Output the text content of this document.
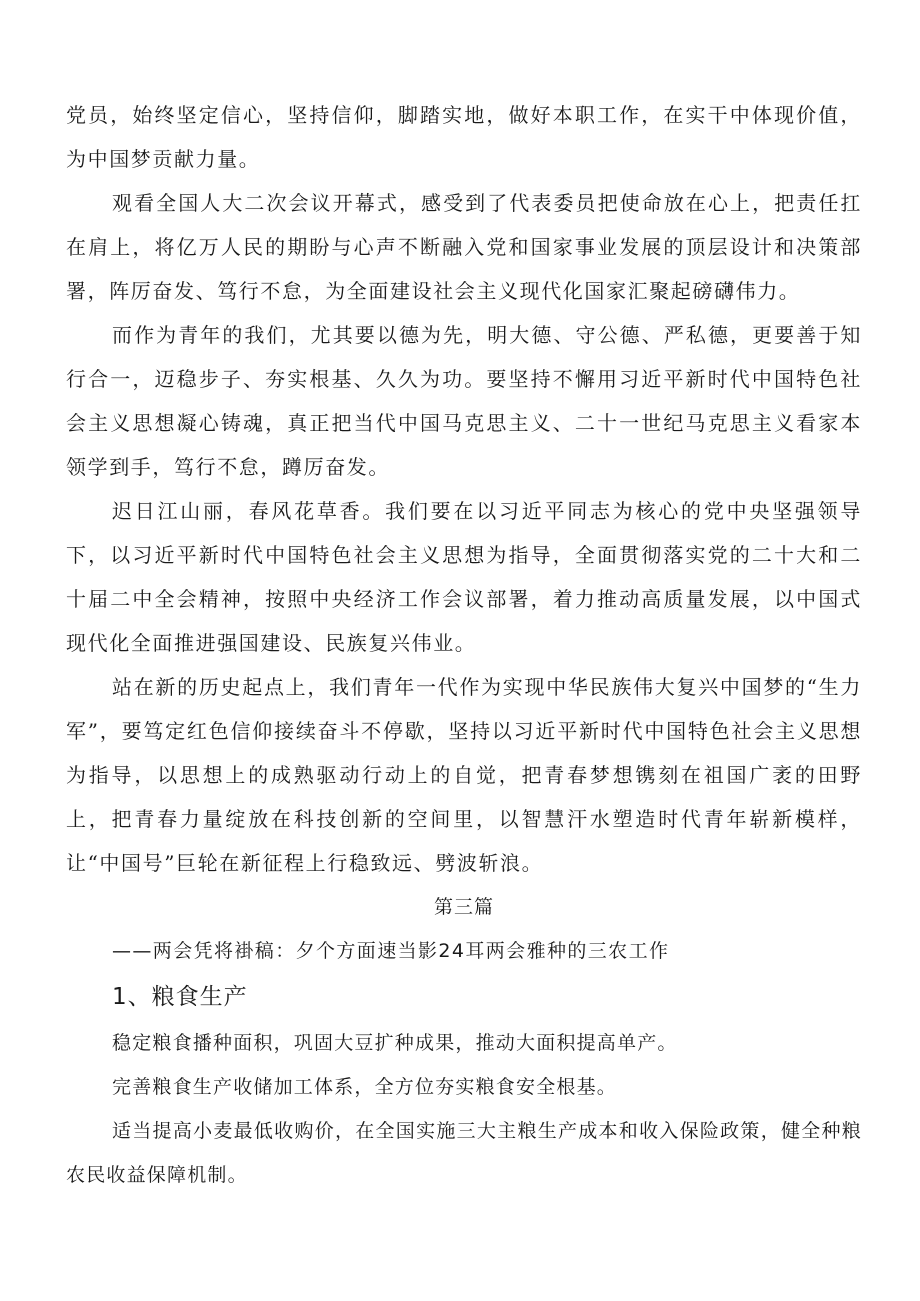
党员，始终坚定信心，坚持信仰，脚踏实地，做好本职工作，在实干中体现价值，为中国梦贡献力量。

观看全国人大二次会议开幕式，感受到了代表委员把使命放在心上，把责任扛在肩上，将亿万人民的期盼与心声不断融入党和国家事业发展的顶层设计和决策部署，阵厉奋发、笃行不怠，为全面建设社会主义现代化国家汇聚起磅礴伟力。

而作为青年的我们，尤其要以德为先，明大德、守公德、严私德，更要善于知行合一，迈稳步子、夯实根基、久久为功。要坚持不懈用习近平新时代中国特色社会主义思想凝心铸魂，真正把当代中国马克思主义、二十一世纪马克思主义看家本领学到手，笃行不怠，蹲厉奋发。

迟日江山丽，春风花草香。我们要在以习近平同志为核心的党中央坚强领导下，以习近平新时代中国特色社会主义思想为指导，全面贯彻落实党的二十大和二十届二中全会精神，按照中央经济工作会议部署，着力推动高质量发展，以中国式现代化全面推进强国建设、民族复兴伟业。

站在新的历史起点上，我们青年一代作为实现中华民族伟大复兴中国梦的“生力军”，要笃定红色信仰接续奋斗不停歇，坚持以习近平新时代中国特色社会主义思想为指导，以思想上的成熟驱动行动上的自觉，把青春梦想镌刻在祖国广袤的田野上，把青春力量绽放在科技创新的空间里，以智慧汗水塑造时代青年崭新模样，让“中国号”巨轮在新征程上行稳致远、劈波斩浪。

第三篇

——两会凭将褂稿：夕个方面速当影24耳两会雅种的三农工作

1、粮食生产

稳定粮食播种面积，巩固大豆扩种成果，推动大面积提高单产。

完善粮食生产收储加工体系，全方位夯实粮食安全根基。

适当提高小麦最低收购价，在全国实施三大主粮生产成本和收入保险政策，健全种粮农民收益保障机制。
